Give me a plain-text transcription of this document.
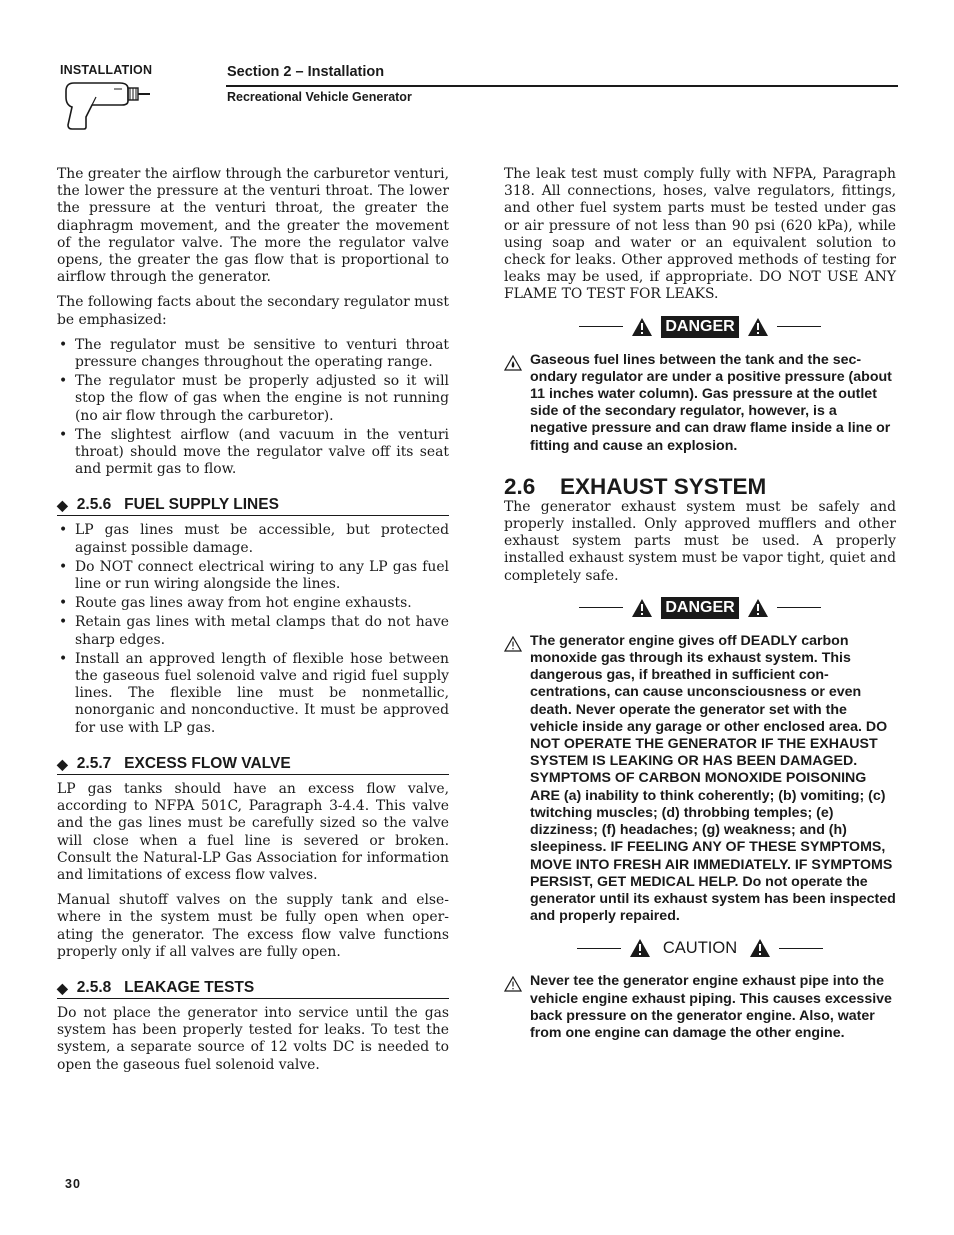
INSTALLATION	Section 2 – Installation
Recreational Vehicle Generator

The greater the airflow through the carburetor venturi, the lower the pressure at the venturi throat. The lower the pressure at the venturi throat, the greater the diaphragm movement, and the greater the movement of the regulator valve. The more the regulator valve opens, the greater the gas flow that is proportional to airflow through the generator.

The following facts about the secondary regulator must be emphasized:

• The regulator must be sensitive to venturi throat pressure changes throughout the operating range.
• The regulator must be properly adjusted so it will stop the flow of gas when the engine is not running (no air flow through the carburetor).
• The slightest airflow (and vacuum in the venturi throat) should move the regulator valve off its seat and permit gas to flow.
◆ 2.5.6   FUEL SUPPLY LINES
• LP gas lines must be accessible, but protected against possible damage.
• Do NOT connect electrical wiring to any LP gas fuel line or run wiring alongside the lines.
• Route gas lines away from hot engine exhausts.
• Retain gas lines with metal clamps that do not have sharp edges.
• Install an approved length of flexible hose between the gaseous fuel solenoid valve and rigid fuel supply lines. The flexible line must be nonmetallic, nonorganic and nonconductive. It must be approved for use with LP gas.
◆ 2.5.7   EXCESS FLOW VALVE

LP gas tanks should have an excess flow valve, according to NFPA 501C, Paragraph 3-4.4. This valve and the gas lines must be carefully sized so the valve will close when a fuel line is severed or broken. Consult the Natural-LP Gas Association for information and limitations of excess flow valves.

Manual shutoff valves on the supply tank and elsewhere in the system must be fully open when operating the generator. The excess flow valve functions properly only if all valves are fully open.

◆ 2.5.8   LEAKAGE TESTS

Do not place the generator into service until the gas system has been properly tested for leaks. To test the system, a separate source of 12 volts DC is needed to open the gaseous fuel solenoid valve.

The leak test must comply fully with NFPA, Paragraph 318. All connections, hoses, valve regulators, fittings, and other fuel system parts must be tested under gas or air pressure of not less than 90 psi (620 kPa), while using soap and water or an equivalent solution to check for leaks. Other approved methods of testing for leaks may be used, if appropriate. DO NOT USE ANY FLAME TO TEST FOR LEAKS.

DANGER
Gaseous fuel lines between the tank and the secondary regulator are under a positive pressure (about 11 inches water column). Gas pressure at the outlet side of the secondary regulator, however, is a negative pressure and can draw flame inside a line or fitting and cause an explosion.
2.6	EXHAUST SYSTEM

The generator exhaust system must be safely and properly installed. Only approved mufflers and other exhaust system parts must be used. A properly installed exhaust system must be vapor tight, quiet and completely safe.

DANGER
The generator engine gives off DEADLY carbon monoxide gas through its exhaust system. This dangerous gas, if breathed in sufficient concentrations, can cause unconsciousness or even death. Never operate the generator set with the vehicle inside any garage or other enclosed area. DO NOT OPERATE THE GENERATOR IF THE EXHAUST SYSTEM IS LEAKING OR HAS BEEN DAMAGED. SYMPTOMS OF CARBON MONOXIDE POISONING ARE (a) inability to think coherently; (b) vomiting; (c) twitching muscles; (d) throbbing temples; (e) dizziness; (f) headaches; (g) weakness; and (h) sleepiness. IF FEELING ANY OF THESE SYMPTOMS, MOVE INTO FRESH AIR IMMEDIATELY. IF SYMPTOMS PERSIST, GET MEDICAL HELP. Do not operate the generator until its exhaust system has been inspected and properly repaired.
CAUTION
Never tee the generator engine exhaust pipe into the vehicle engine exhaust piping. This causes excessive back pressure on the generator engine. Also, water from one engine can damage the other engine.
30
